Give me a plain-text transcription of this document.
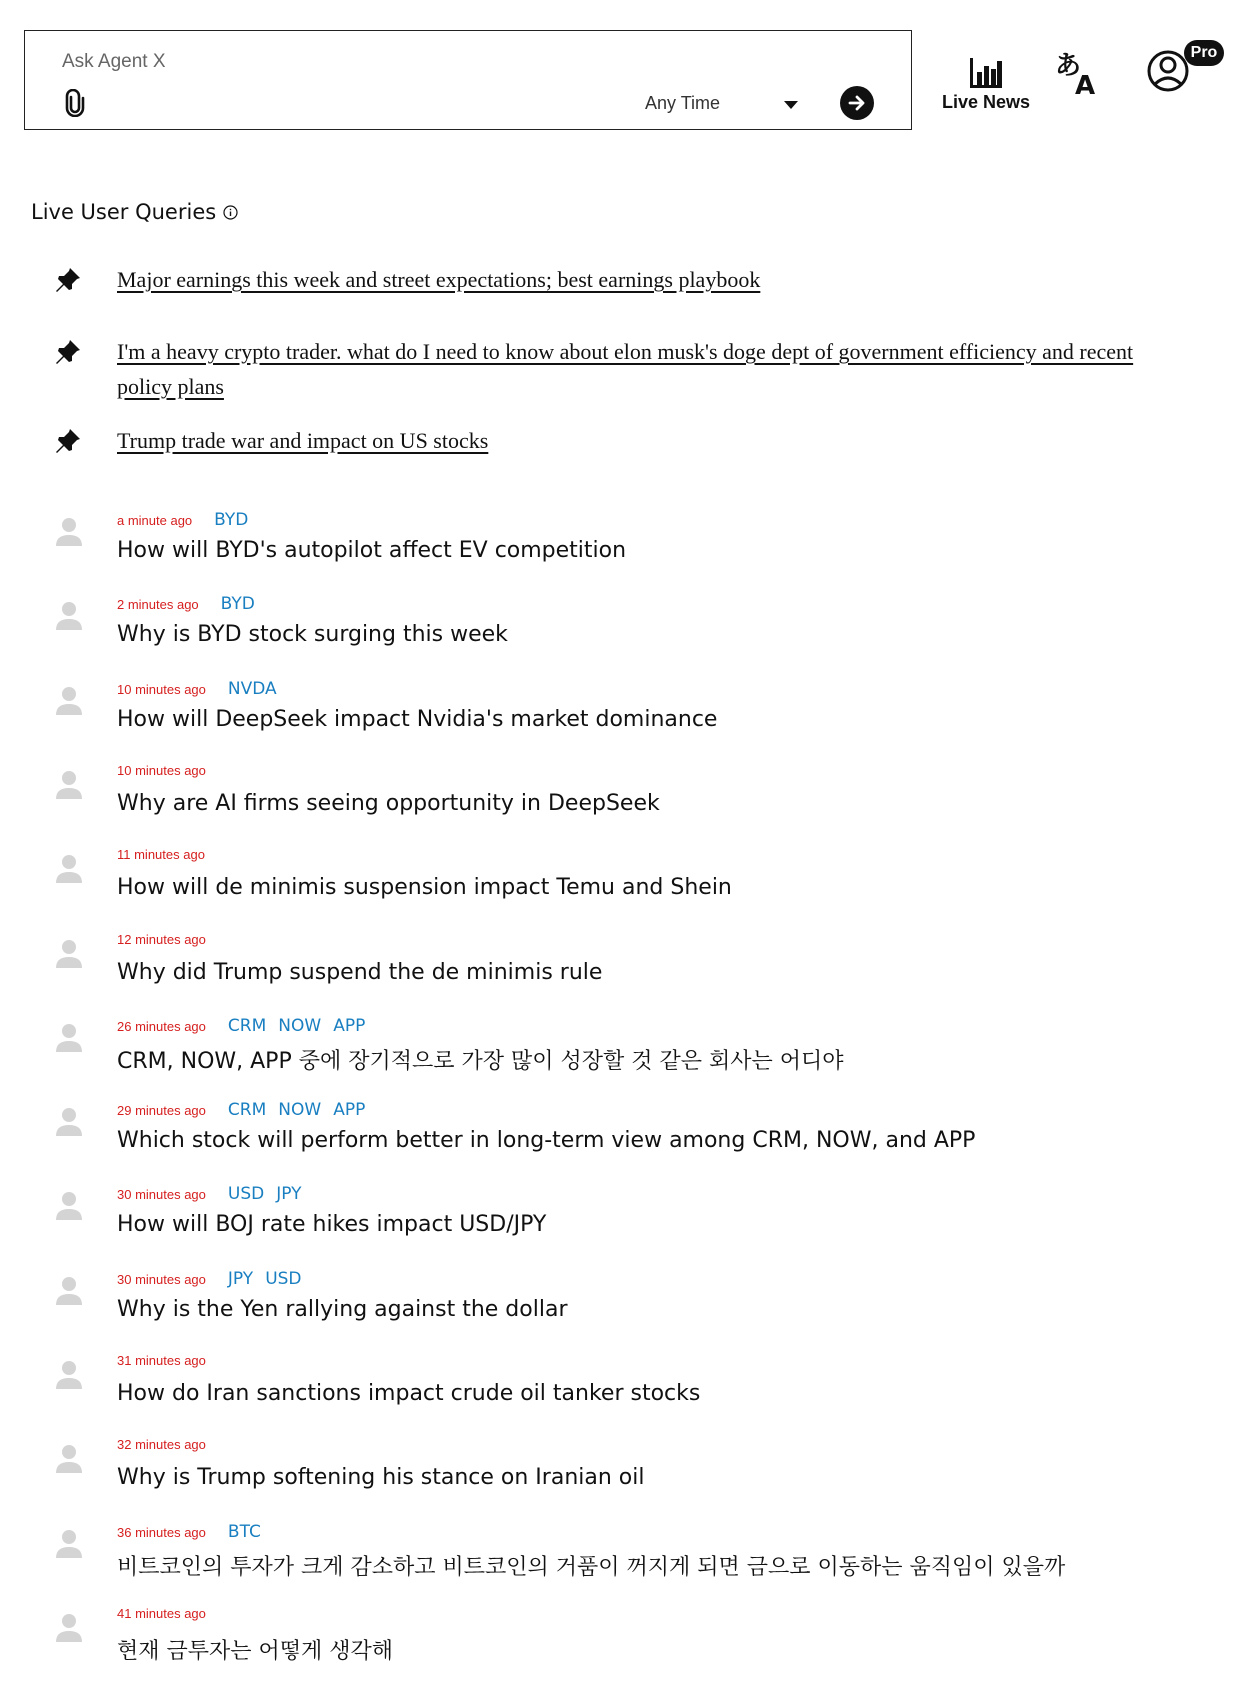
Ask Agent X
Any Time	Live News
あ
A
Pro
Live User Queries
Major earnings this week and street expectations; best earnings playbook
I'm a heavy crypto trader. what do I need to know about elon musk's doge dept of government efficiency and recent policy plans
Trump trade war and impact on US stocks
a minute ago BYD
How will BYD's autopilot affect EV competition
2 minutes ago BYD
Why is BYD stock surging this week
10 minutes ago NVDA
How will DeepSeek impact Nvidia's market dominance
10 minutes ago
Why are AI firms seeing opportunity in DeepSeek
11 minutes ago
How will de minimis suspension impact Temu and Shein
12 minutes ago
Why did Trump suspend the de minimis rule
26 minutes ago CRM NOW APP
CRM, NOW, APP 중에 장기적으로 가장 많이 성장할 것 같은 회사는 어디야
29 minutes ago CRM NOW APP
Which stock will perform better in long-term view among CRM, NOW, and APP
30 minutes ago USD JPY
How will BOJ rate hikes impact USD/JPY
30 minutes ago JPY USD
Why is the Yen rallying against the dollar
31 minutes ago
How do Iran sanctions impact crude oil tanker stocks
32 minutes ago
Why is Trump softening his stance on Iranian oil
36 minutes ago BTC
비트코인의 투자가 크게 감소하고 비트코인의 거품이 꺼지게 되면 금으로 이동하는 움직임이 있을까
41 minutes ago
현재 금투자는 어떻게 생각해
